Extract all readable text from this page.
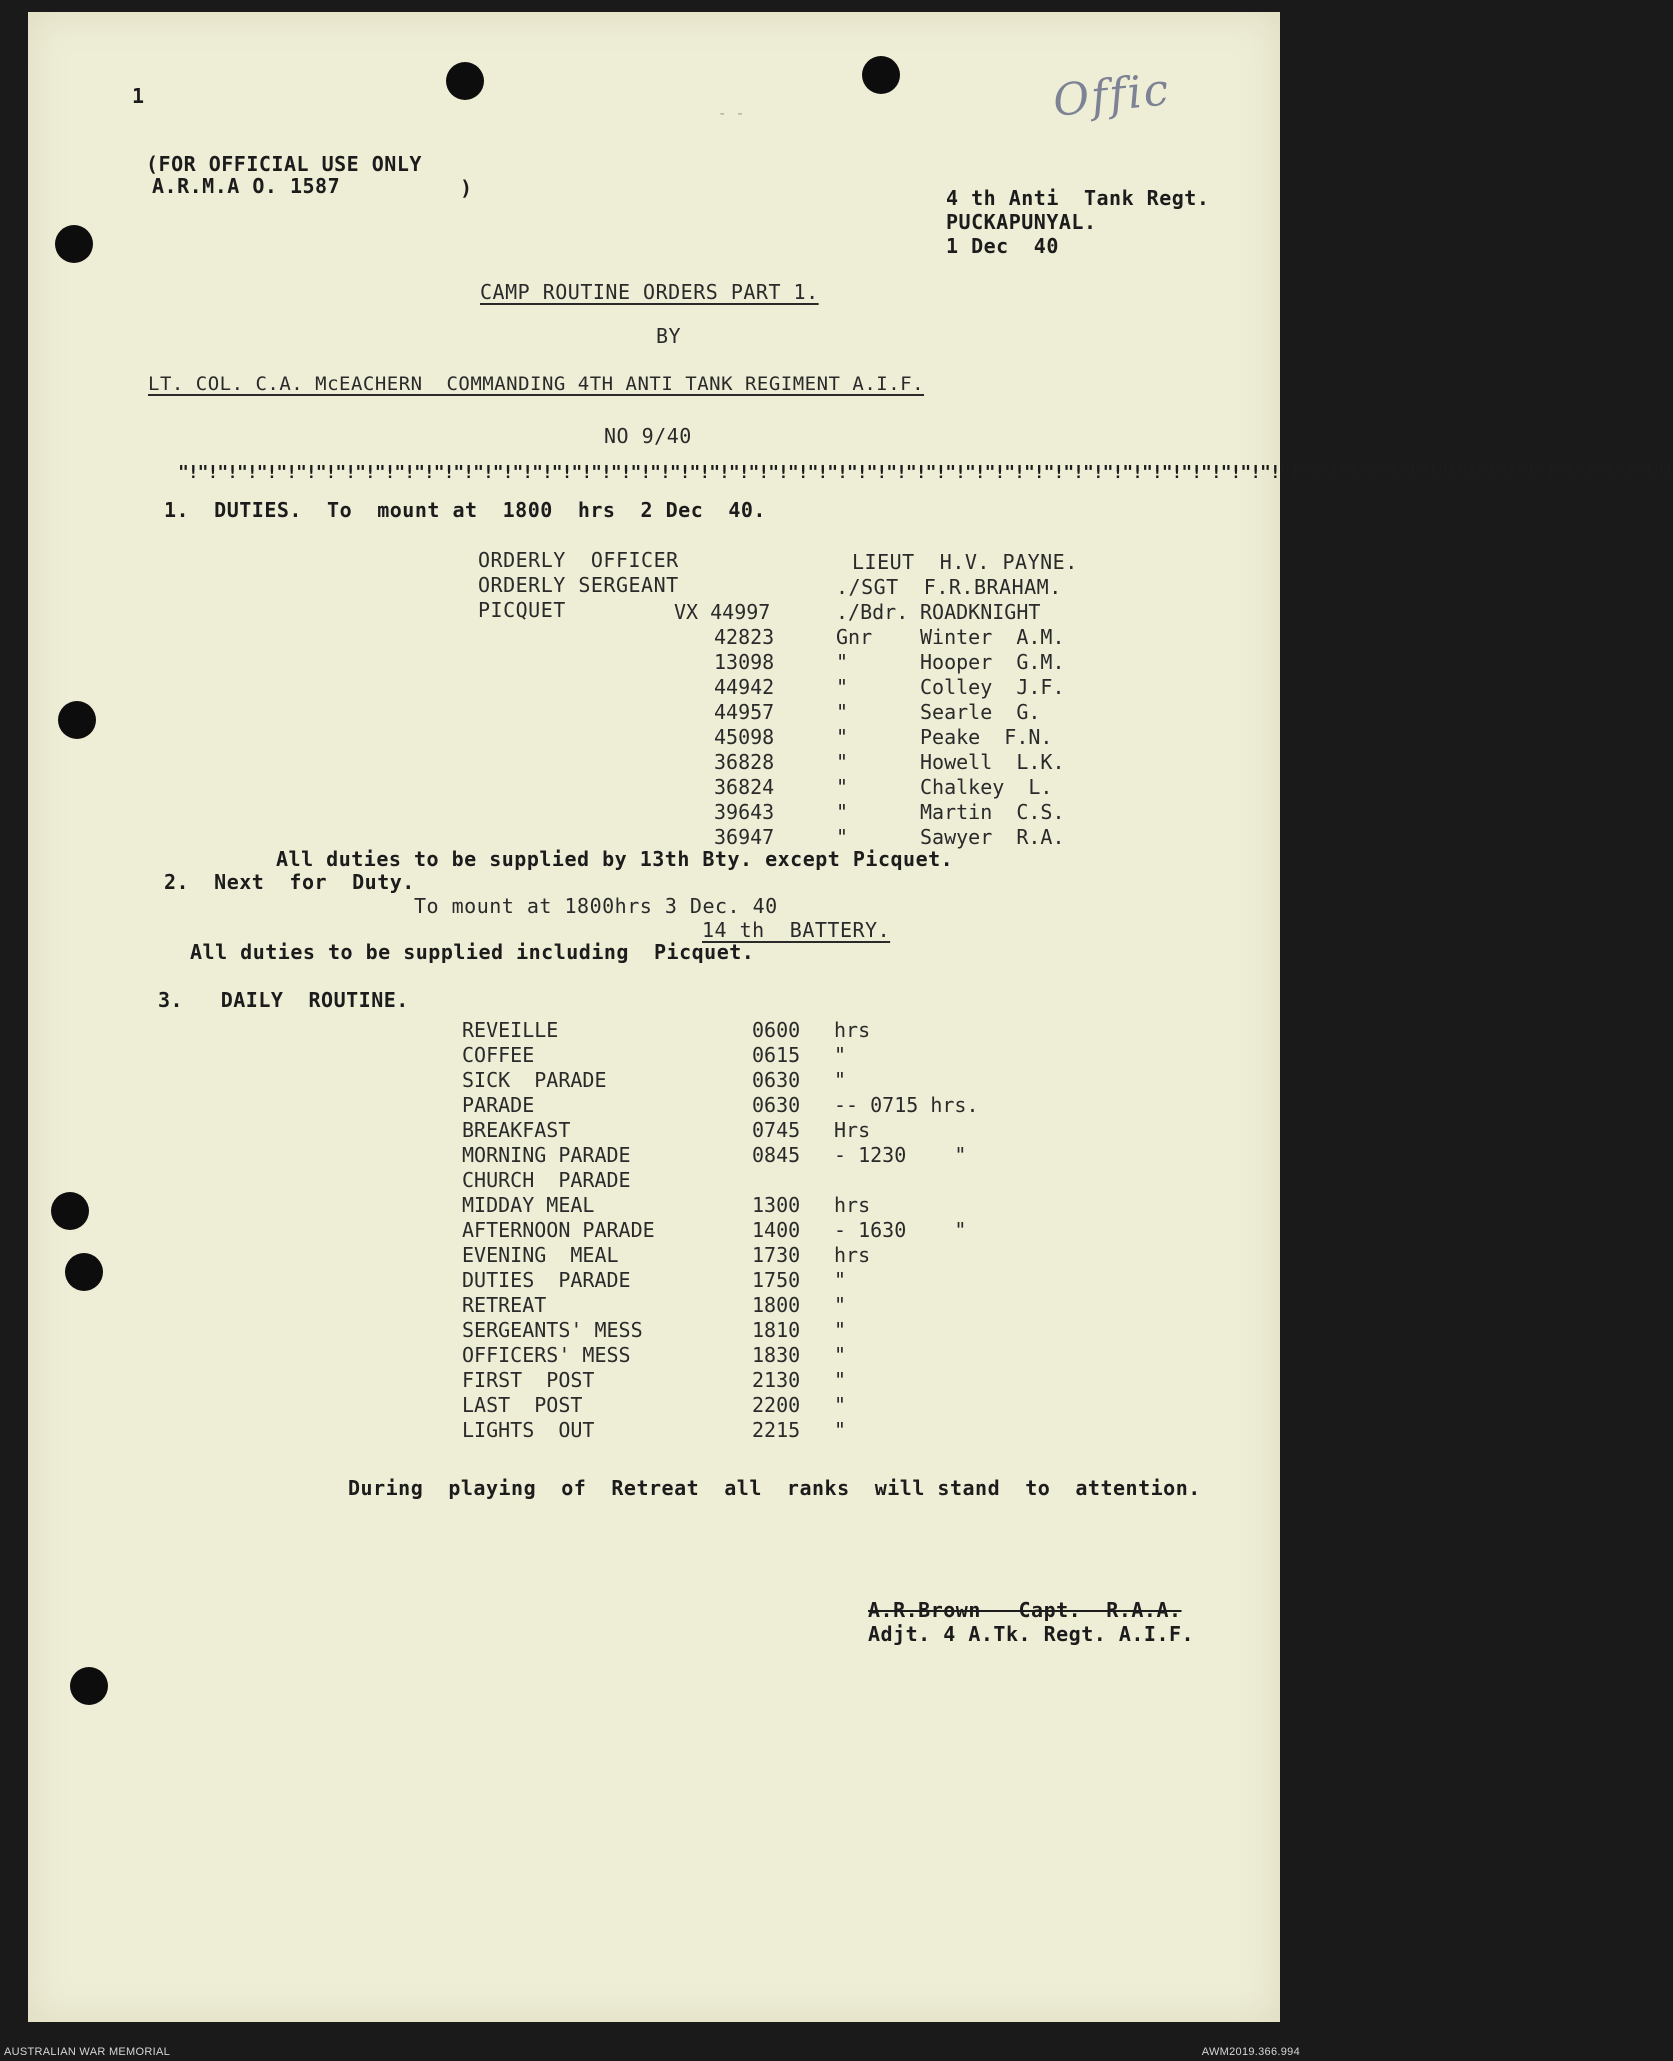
1	Offic
- -
(FOR OFFICIAL USE ONLY
)
A.R.M.A O. 1587	4 th Anti  Tank Regt.
PUCKAPUNYAL.
1 Dec  40
CAMP ROUTINE ORDERS PART 1.
BY
LT. COL. C.A. McEACHERN  COMMANDING 4TH ANTI TANK REGIMENT A.I.F.
NO 9/40
"!"!"!"!"!"!"!"!"!"!"!"!"!"!"!"!"!"!"!"!"!"!"!"!"!"!"!"!"!"!"!"!"!"!"!"!"!"!"!"!"!"!"!"!"!"!"!"!"!"!"!"!"!"!"!"!"!"!"!"!"!"!"!"!"!"!"!"!"!"!"!"!"!"!"!"!
1.  DUTIES.  To  mount at  1800  hrs  2 Dec  40.
ORDERLY  OFFICER	LIEUT  H.V. PAYNE.
ORDERLY SERGEANT	./SGT  F.R.BRAHAM.
PICQUET	VX 44997	./Bdr. ROADKNIGHT
42823	Gnr Winter  A.M.
13098	"	Hooper  G.M.
44942	"	Colley  J.F.
44957	"	Searle  G.
45098	"	Peake  F.N.
36828	"	Howell  L.K.
36824	"	Chalkey  L.
39643	"	Martin  C.S.
36947	"	Sawyer  R.A.
All duties to be supplied by 13th Bty. except Picquet.
2.  Next  for  Duty.
To mount at 1800hrs 3 Dec. 40
14 th  BATTERY.
All duties to be supplied including  Picquet.
3.   DAILY  ROUTINE.
REVEILLE	0600 hrs
COFFEE	0615 "
SICK  PARADE	0630 "
PARADE	0630 -- 0715 hrs.
BREAKFAST	0745 Hrs
MORNING PARADE	0845 - 1230    "
CHURCH  PARADE
MIDDAY MEAL	1300 hrs
AFTERNOON PARADE	1400 - 1630    "
EVENING  MEAL	1730 hrs
DUTIES  PARADE	1750 "
RETREAT	1800 "
SERGEANTS' MESS	1810 "
OFFICERS' MESS	1830 "
FIRST  POST	2130 "
LAST  POST	2200 "
LIGHTS  OUT	2215 "
During  playing  of  Retreat  all  ranks  will stand  to  attention.
A.R.Brown   Capt.  R.A.A.
Adjt. 4 A.Tk. Regt. A.I.F.
AUSTRALIAN WAR MEMORIAL	AWM2019.366.994
